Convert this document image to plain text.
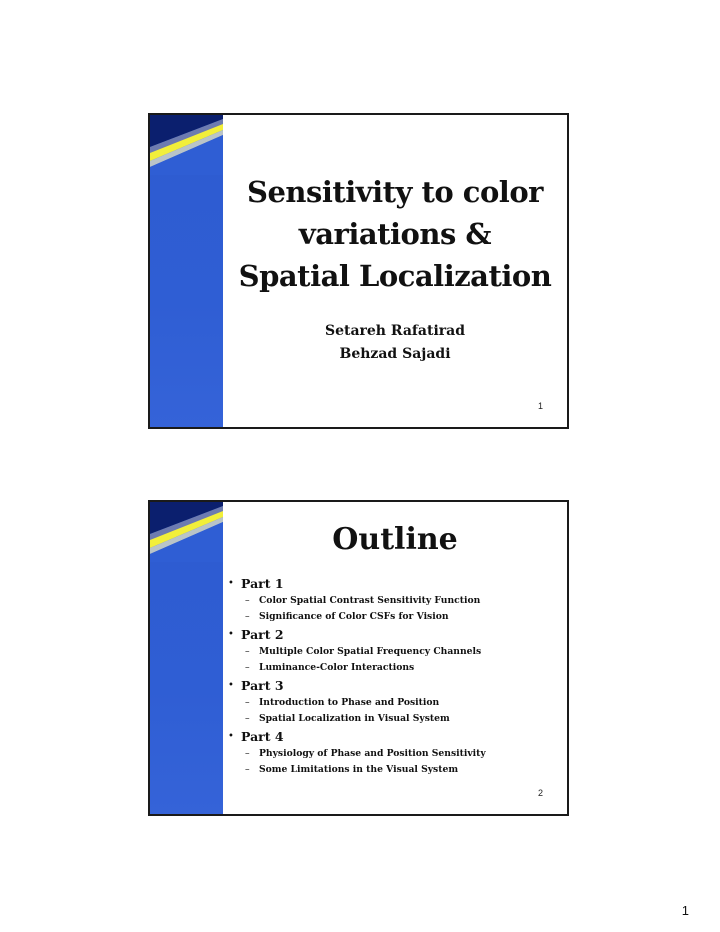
Sensitivity to color
variations &
Spatial Localization
Setareh Rafatirad
Behzad Sajadi
1
Outline
• Part 1
– Color Spatial Contrast Sensitivity Function
– Significance of Color CSFs for Vision
• Part 2
– Multiple Color Spatial Frequency Channels
– Luminance-Color Interactions
• Part 3
– Introduction to Phase and Position
– Spatial Localization in Visual System
• Part 4
– Physiology of Phase and Position Sensitivity
– Some Limitations in the Visual System
2
1
